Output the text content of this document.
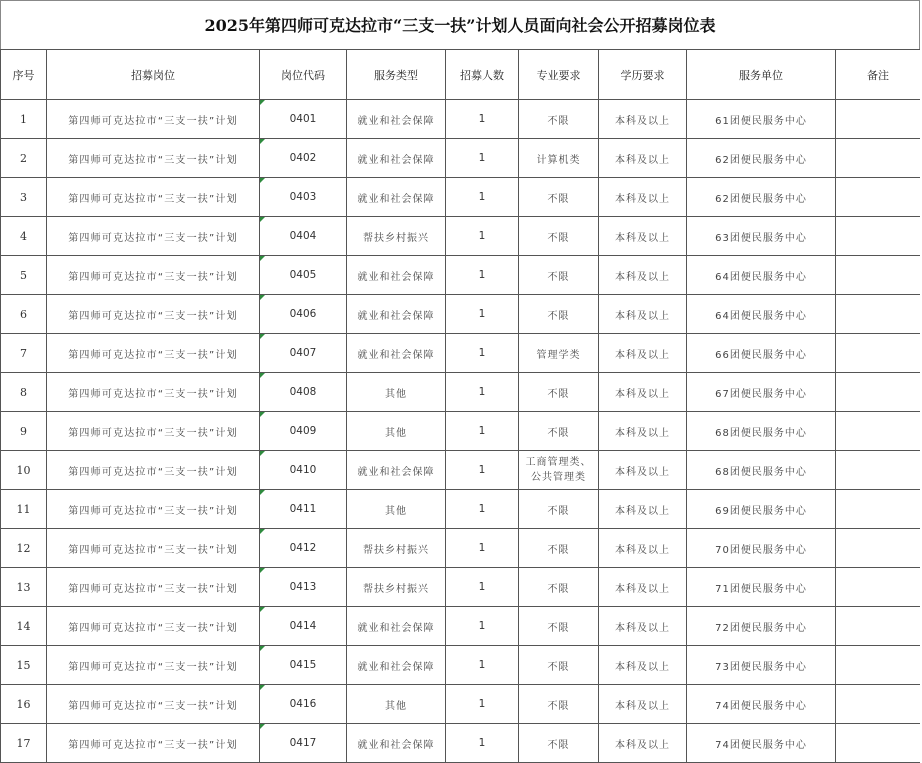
2025年第四师可克达拉市“三支一扶”计划人员面向社会公开招募岗位表
序号	招募岗位	岗位代码	服务类型	招募人数	专业要求	学历要求	服务单位	备注
1	第四师可克达拉市“三支一扶”计划	0401	就业和社会保障	1	不限	本科及以上	61团便民服务中心	
2	第四师可克达拉市“三支一扶”计划	0402	就业和社会保障	1	计算机类	本科及以上	62团便民服务中心	
3	第四师可克达拉市“三支一扶”计划	0403	就业和社会保障	1	不限	本科及以上	62团便民服务中心	
4	第四师可克达拉市“三支一扶”计划	0404	帮扶乡村振兴	1	不限	本科及以上	63团便民服务中心	
5	第四师可克达拉市“三支一扶”计划	0405	就业和社会保障	1	不限	本科及以上	64团便民服务中心	
6	第四师可克达拉市“三支一扶”计划	0406	就业和社会保障	1	不限	本科及以上	64团便民服务中心	
7	第四师可克达拉市“三支一扶”计划	0407	就业和社会保障	1	管理学类	本科及以上	66团便民服务中心	
8	第四师可克达拉市“三支一扶”计划	0408	其他	1	不限	本科及以上	67团便民服务中心	
9	第四师可克达拉市“三支一扶”计划	0409	其他	1	不限	本科及以上	68团便民服务中心	
10	第四师可克达拉市“三支一扶”计划	0410	就业和社会保障	1	工商管理类、公共管理类	本科及以上	68团便民服务中心	
11	第四师可克达拉市“三支一扶”计划	0411	其他	1	不限	本科及以上	69团便民服务中心	
12	第四师可克达拉市“三支一扶”计划	0412	帮扶乡村振兴	1	不限	本科及以上	70团便民服务中心	
13	第四师可克达拉市“三支一扶”计划	0413	帮扶乡村振兴	1	不限	本科及以上	71团便民服务中心	
14	第四师可克达拉市“三支一扶”计划	0414	就业和社会保障	1	不限	本科及以上	72团便民服务中心	
15	第四师可克达拉市“三支一扶”计划	0415	就业和社会保障	1	不限	本科及以上	73团便民服务中心	
16	第四师可克达拉市“三支一扶”计划	0416	其他	1	不限	本科及以上	74团便民服务中心	
17	第四师可克达拉市“三支一扶”计划	0417	就业和社会保障	1	不限	本科及以上	74团便民服务中心	
